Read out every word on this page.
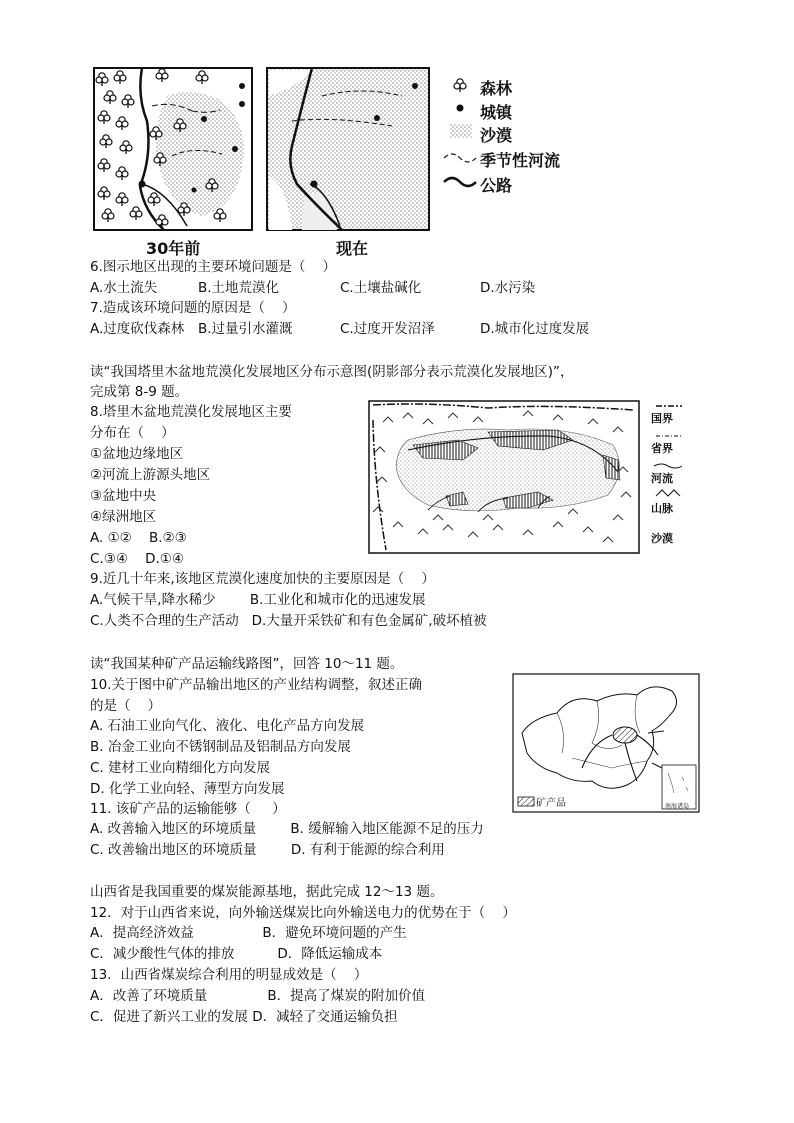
森林
城镇
沙漠
季节性河流
公路
30年前	现在
6.图示地区出现的主要环境问题是（    ）
A.水土流失	B.土地荒漠化	C.土壤盐碱化	D.水污染
7.造成该环境问题的原因是（    ）
A.过度砍伐森林 B.过量引水灌溉	C.过度开发沼泽	D.城市化过度发展
读“我国塔里木盆地荒漠化发展地区分布示意图(阴影部分表示荒漠化发展地区)”，
完成第 8-9 题。
8.塔里木盆地荒漠化发展地区主要
分布在（    ）
①盆地边缘地区
②河流上游源头地区
③盆地中央
④绿洲地区
A. ①②    B.②③
C.③④    D.①④
国界
省界
河流
山脉
沙漠
9.近几十年来,该地区荒漠化速度加快的主要原因是（    ）
A.气候干旱,降水稀少        B.工业化和城市化的迅速发展
C.人类不合理的生产活动   D.大量开采铁矿和有色金属矿,破坏植被
读“我国某种矿产品运输线路图”，回答 10～11 题。
10.关于图中矿产品输出地区的产业结构调整，叙述正确
的是（    ）
A. 石油工业向气化、液化、电化产品方向发展
B. 冶金工业向不锈钢制品及铝制品方向发展
C. 建材工业向精细化方向发展
D. 化学工业向轻、薄型方向发展
矿产品	南海诸岛
11. 该矿产品的运输能够（     ）
A. 改善输入地区的环境质量        B. 缓解输入地区能源不足的压力
C. 改善输出地区的环境质量        D. 有利于能源的综合利用
山西省是我国重要的煤炭能源基地，据此完成 12～13 题。
12．对于山西省来说，向外输送煤炭比向外输送电力的优势在于（    ）
A．提高经济效益                B．避免环境问题的产生
C．减少酸性气体的排放          D．降低运输成本
13．山西省煤炭综合利用的明显成效是（    ）
A．改善了环境质量              B．提高了煤炭的附加价值
C．促进了新兴工业的发展 D．减轻了交通运输负担
